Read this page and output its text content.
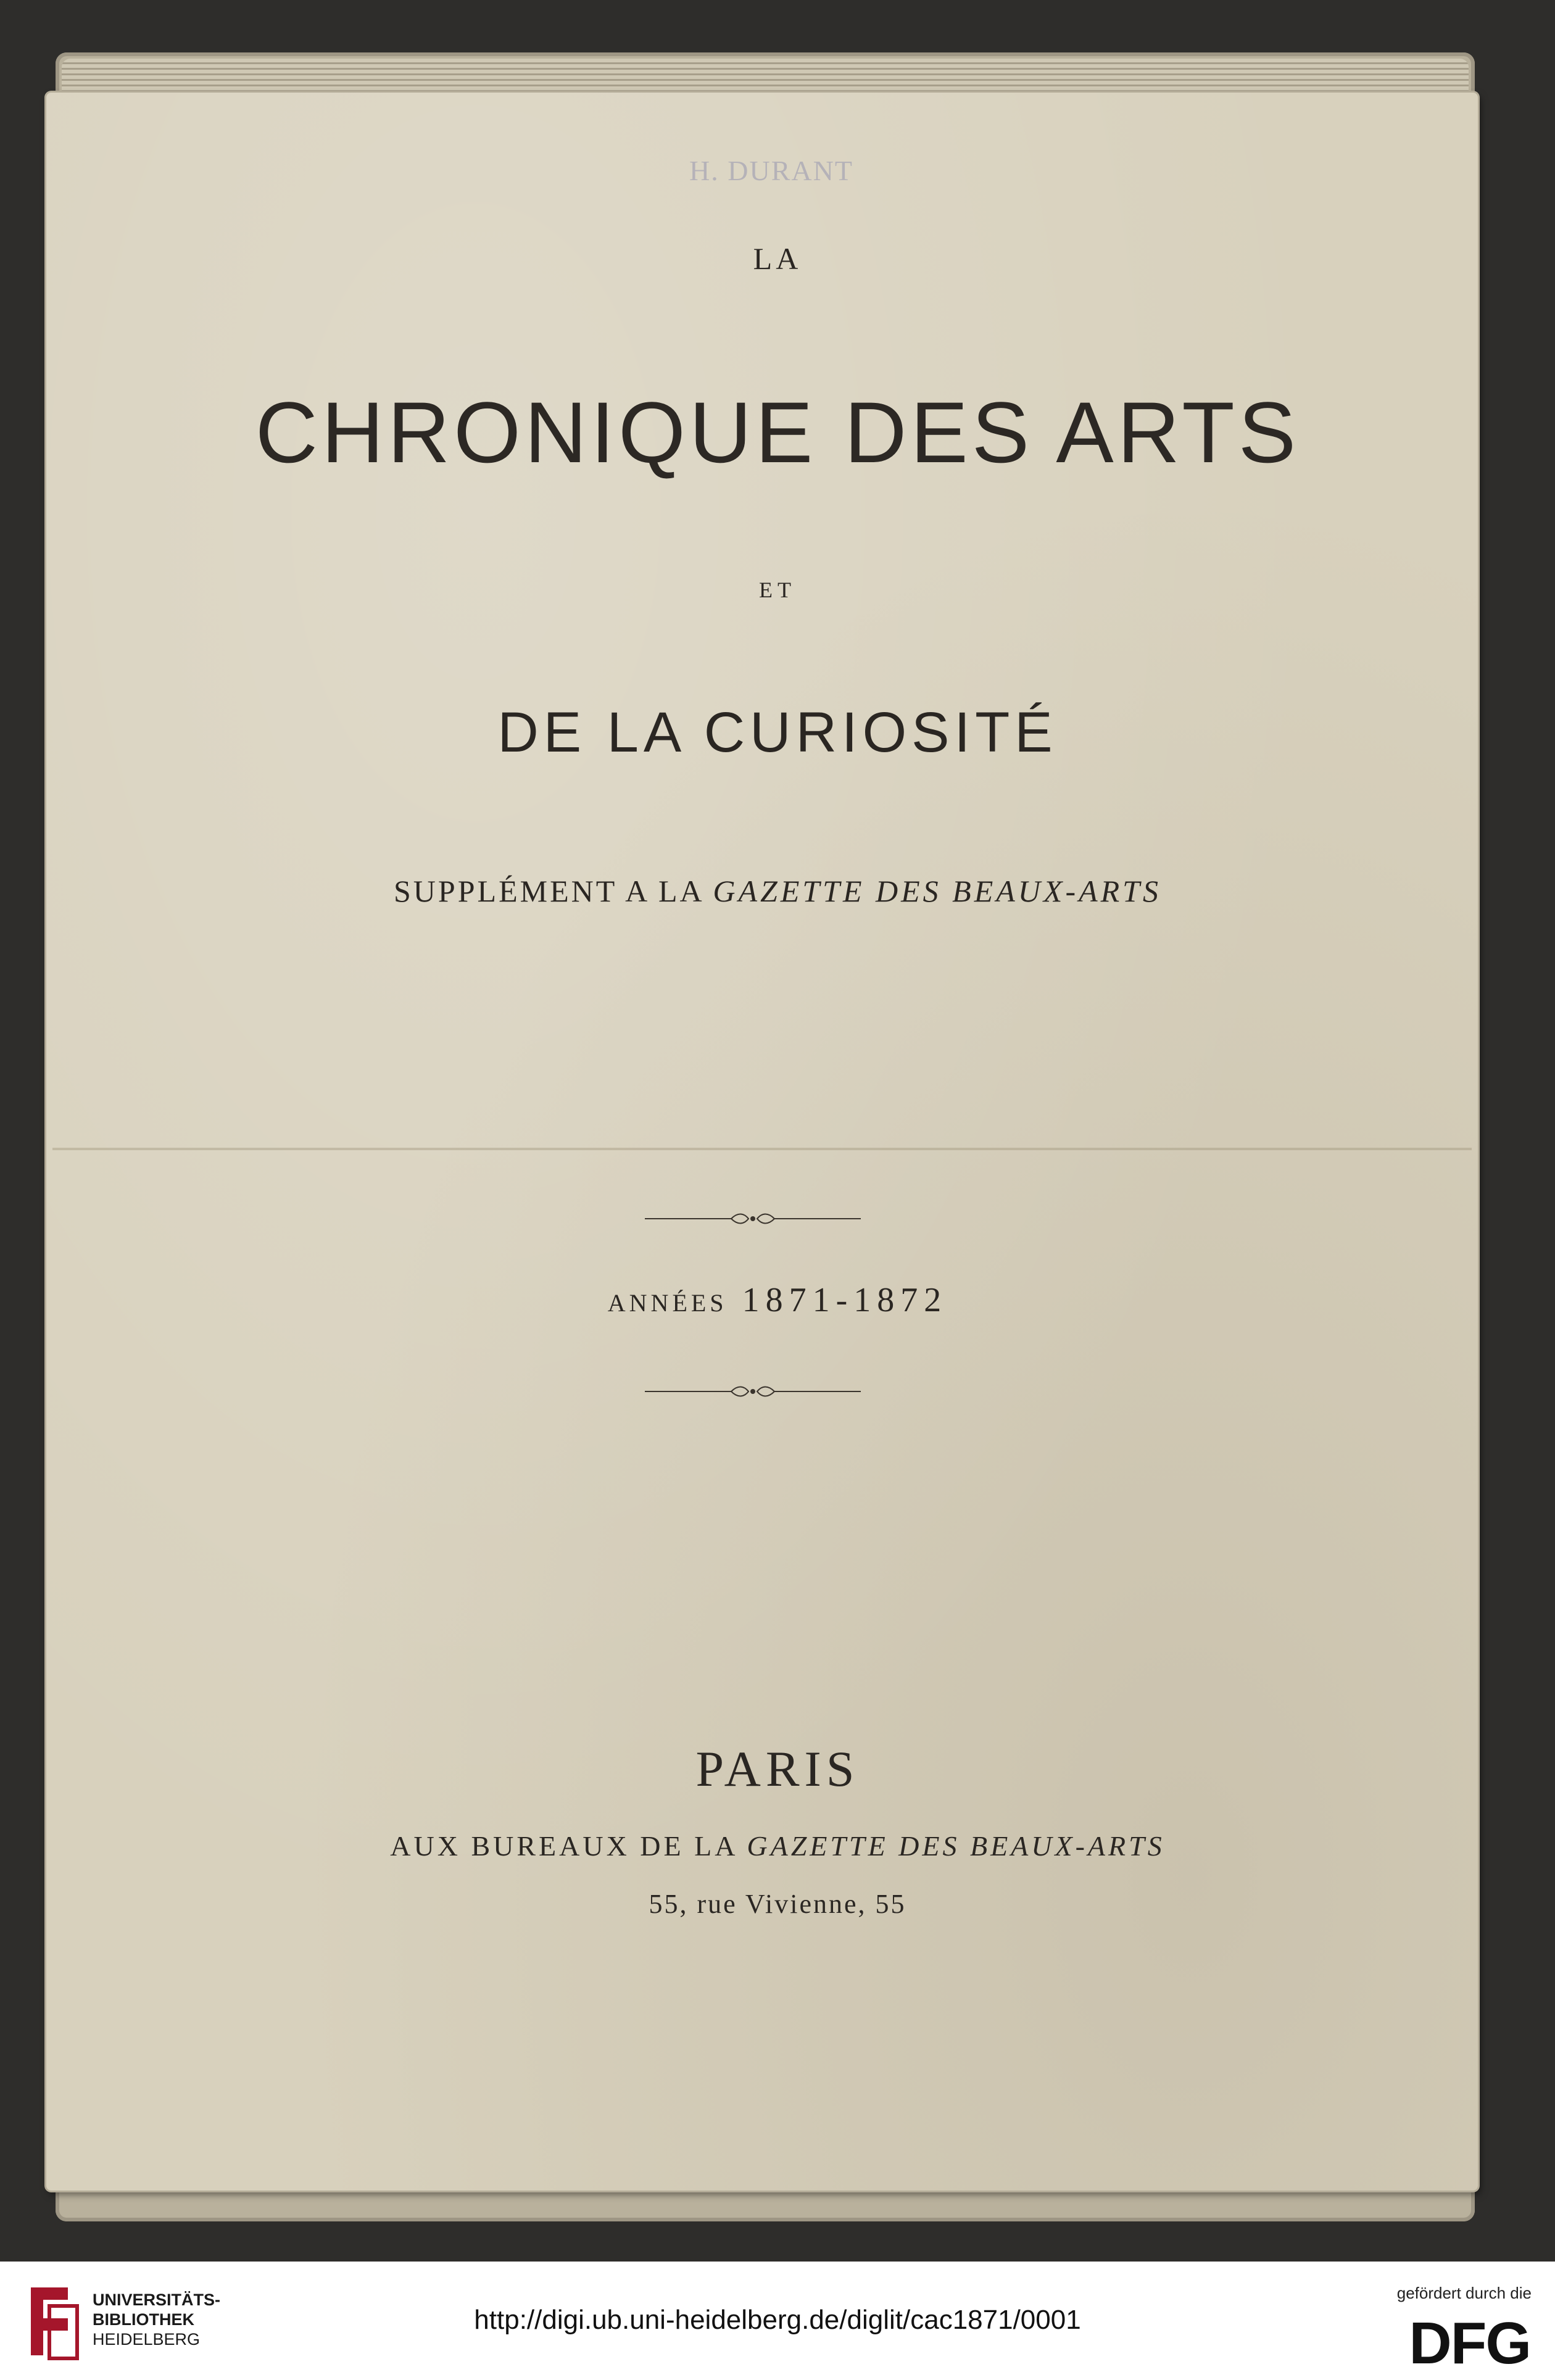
H. DURANT
LA
CHRONIQUE DES ARTS
ET
DE LA CURIOSITÉ
SUPPLÉMENT A LA GAZETTE DES BEAUX-ARTS
ANNÉES 1871-1872
PARIS
AUX BUREAUX DE LA GAZETTE DES BEAUX-ARTS
55, rue Vivienne, 55
UNIVERSITÄTS-
BIBLIOTHEK
HEIDELBERG
http://digi.ub.uni-heidelberg.de/diglit/cac1871/0001
gefördert durch die
DFG
